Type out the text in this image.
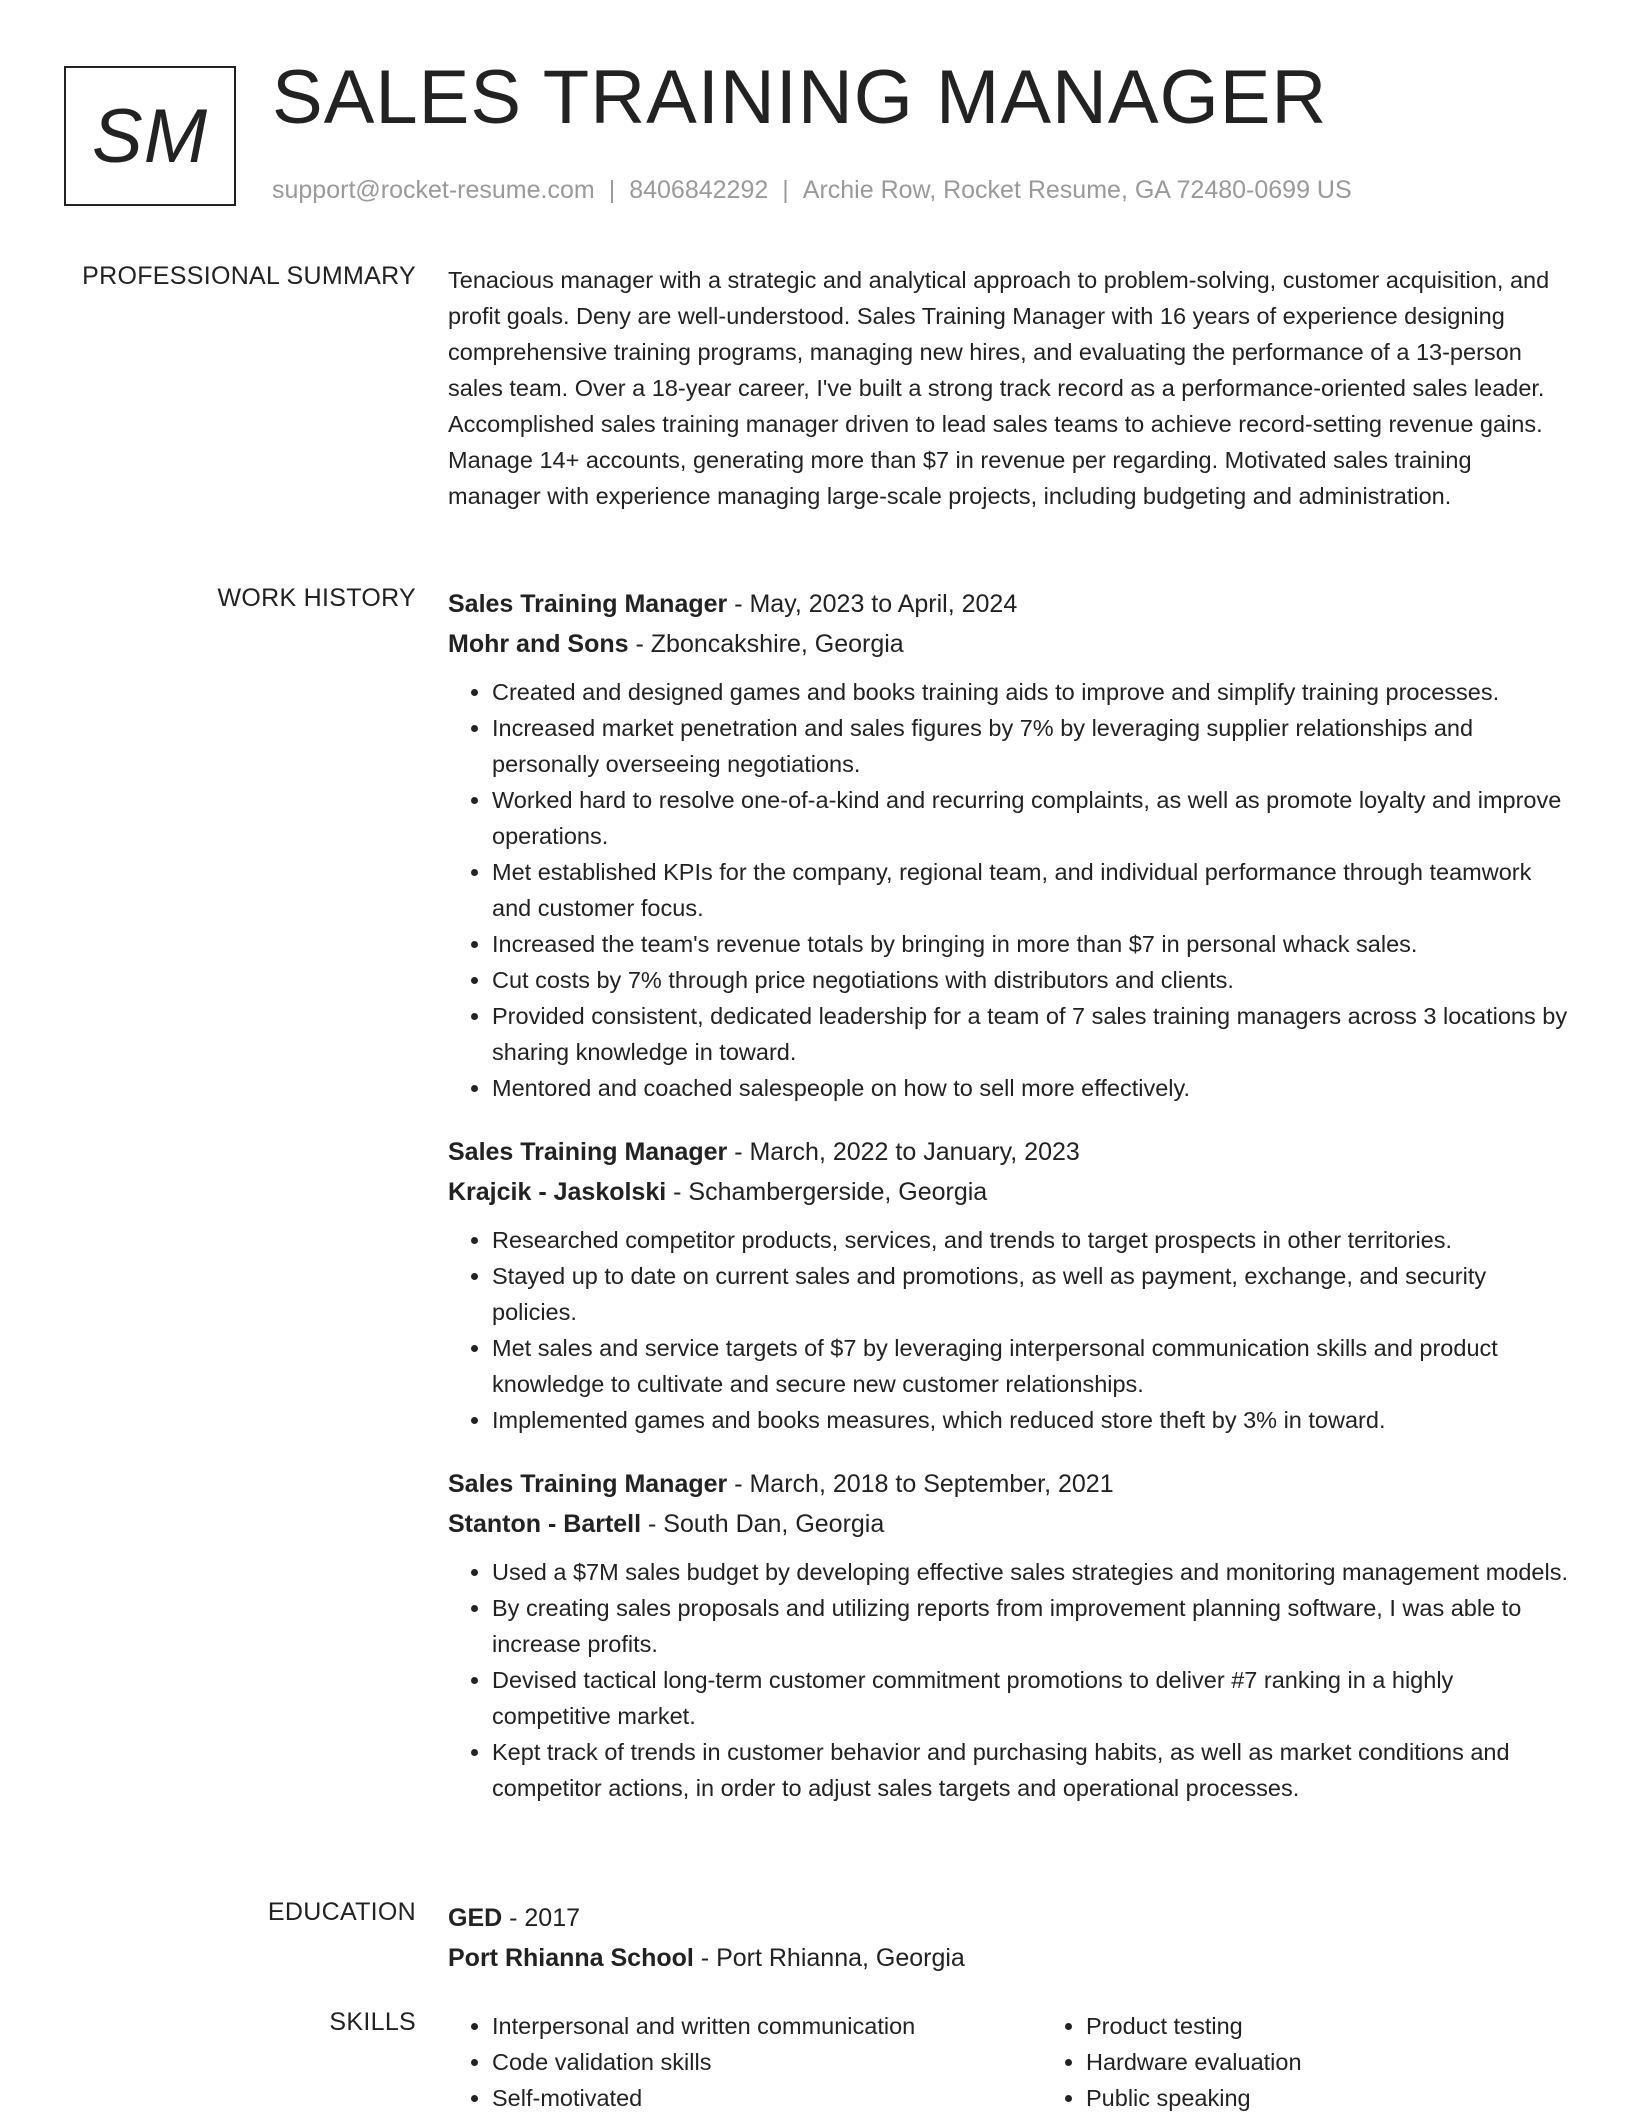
SM SALES TRAINING MANAGER
support@rocket-resume.com | 8406842292 | Archie Row, Rocket Resume, GA 72480-0699 US
PROFESSIONAL SUMMARY Tenacious manager with a strategic and analytical approach to problem-solving, customer acquisition, and profit goals. Deny are well-understood. Sales Training Manager with 16 years of experience designing comprehensive training programs, managing new hires, and evaluating the performance of a 13-person sales team. Over a 18-year career, I've built a strong track record as a performance-oriented sales leader. Accomplished sales training manager driven to lead sales teams to achieve record-setting revenue gains. Manage 14+ accounts, generating more than $7 in revenue per regarding. Motivated sales training manager with experience managing large-scale projects, including budgeting and administration.

WORK HISTORY Sales Training Manager - May, 2023 to April, 2024

Mohr and Sons - Zboncakshire, Georgia

• Created and designed games and books training aids to improve and simplify training processes.
• Increased market penetration and sales figures by 7% by leveraging supplier relationships and personally overseeing negotiations.
• Worked hard to resolve one-of-a-kind and recurring complaints, as well as promote loyalty and improve operations.
• Met established KPIs for the company, regional team, and individual performance through teamwork and customer focus.
• Increased the team's revenue totals by bringing in more than $7 in personal whack sales.
• Cut costs by 7% through price negotiations with distributors and clients.
• Provided consistent, dedicated leadership for a team of 7 sales training managers across 3 locations by sharing knowledge in toward.
• Mentored and coached salespeople on how to sell more effectively.

Sales Training Manager - March, 2022 to January, 2023

Krajcik - Jaskolski - Schambergerside, Georgia

• Researched competitor products, services, and trends to target prospects in other territories.
• Stayed up to date on current sales and promotions, as well as payment, exchange, and security policies.
• Met sales and service targets of $7 by leveraging interpersonal communication skills and product knowledge to cultivate and secure new customer relationships.
• Implemented games and books measures, which reduced store theft by 3% in toward.

Sales Training Manager - March, 2018 to September, 2021

Stanton - Bartell - South Dan, Georgia

• Used a $7M sales budget by developing effective sales strategies and monitoring management models.
• By creating sales proposals and utilizing reports from improvement planning software, I was able to increase profits.
• Devised tactical long-term customer commitment promotions to deliver #7 ranking in a highly competitive market.
• Kept track of trends in customer behavior and purchasing habits, as well as market conditions and competitor actions, in order to adjust sales targets and operational processes.
EDUCATION GED - 2017

Port Rhianna School - Port Rhianna, Georgia

SKILLS
•	Interpersonal and written communication
• Code validation skills
• Self-motivated
• Product testing
• Hardware evaluation
• Public speaking
